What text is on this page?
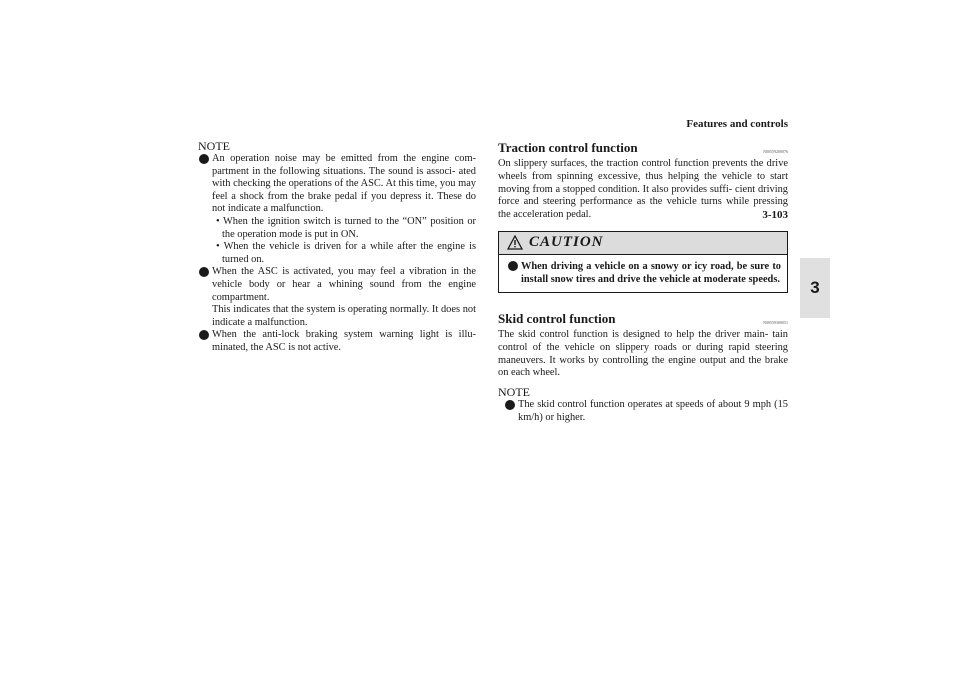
Features and controls
3
3-103
NOTE
An operation noise may be emitted from the engine com- partment in the following situations. The sound is associ- ated with checking the operations of the ASC. At this time, you may feel a shock from the brake pedal if you depress it. These do not indicate a malfunction.
• When the ignition switch is turned to the “ON” position or the operation mode is put in ON.
• When the vehicle is driven for a while after the engine is turned on.
When the ASC is activated, you may feel a vibration in the vehicle body or hear a whining sound from the engine compartment.
This indicates that the system is operating normally. It does not indicate a malfunction.
When the anti-lock braking system warning light is illu- minated, the ASC is not active.
Traction control function	N00559200076

On slippery surfaces, the traction control function prevents the drive wheels from spinning excessive, thus helping the vehicle to start moving from a stopped condition. It also provides suffi- cient driving force and steering performance as the vehicle turns while pressing the acceleration pedal.

CAUTION
When driving a vehicle on a snowy or icy road, be sure to install snow tires and drive the vehicle at moderate speeds.
Skid control function	N00559300051

The skid control function is designed to help the driver main- tain control of the vehicle on slippery roads or during rapid steering maneuvers. It works by controlling the engine output and the brake on each wheel.

NOTE
The skid control function operates at speeds of about 9 mph (15 km/h) or higher.
